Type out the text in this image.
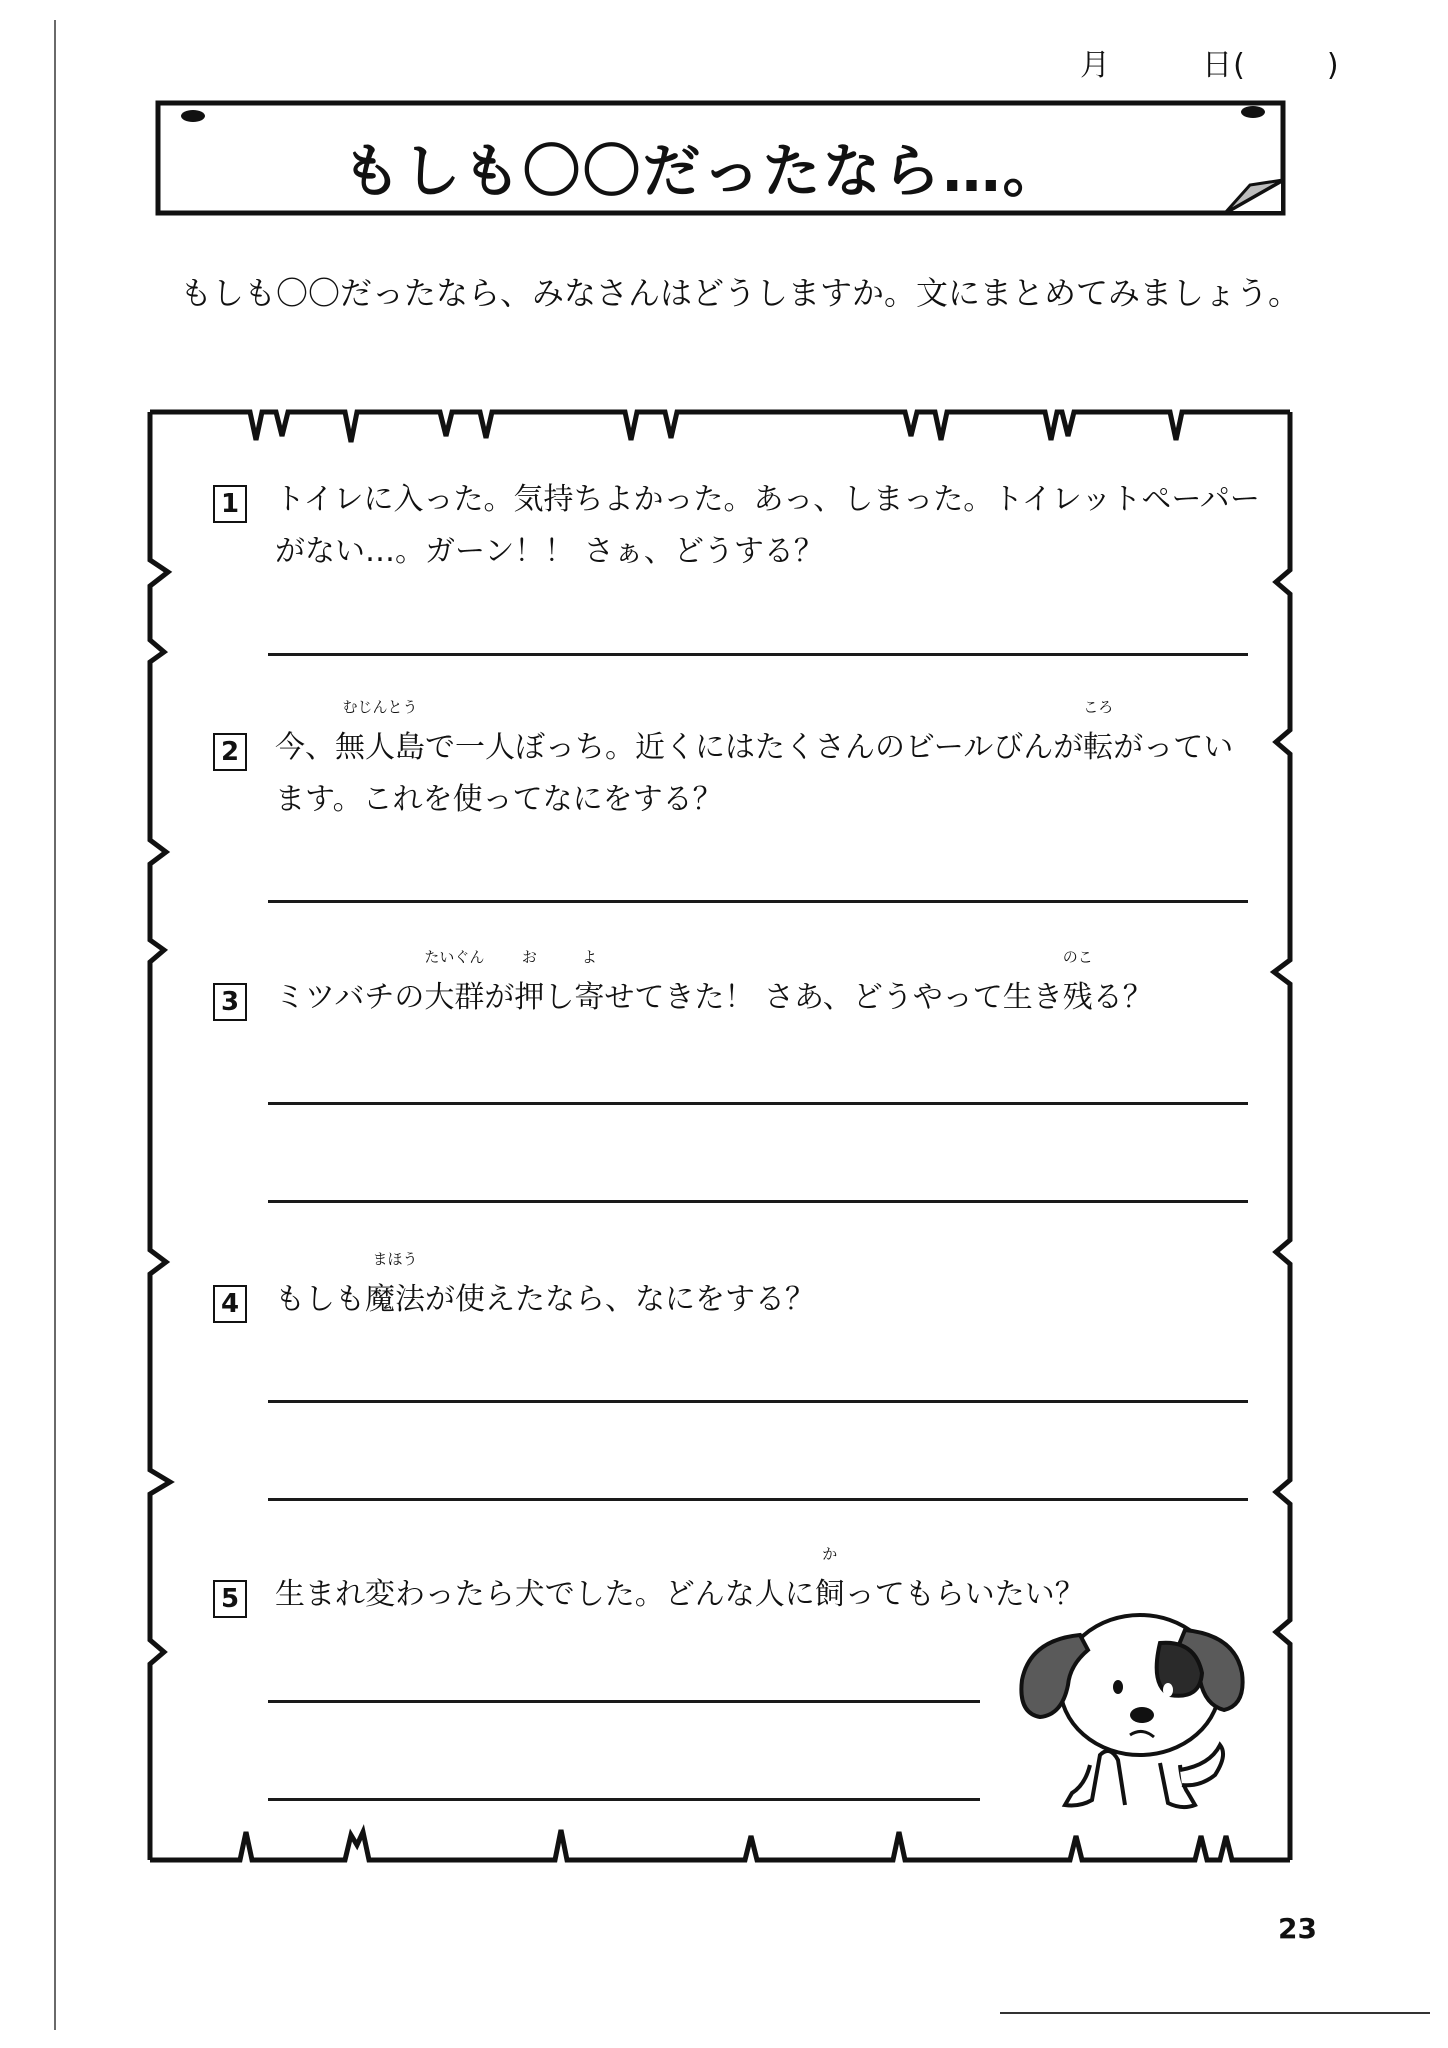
月	日(	)
もしも〇〇だったなら…。
もしも〇〇だったなら、みなさんはどうしますか。文にまとめてみましょう。
1 トイレに入った。気持ちよかった。あっ、しまった。トイレットペーパー
がない…。ガーン！！ さぁ、どうする？
2 今、
むじんとう
無人島で一人ぼっち。近くにはたくさんのビールびんが
ころ
転がってい
ます。これを使ってなにをする？
3 ミツバチの
たいぐん
大群が
お
押し
よ
寄せてきた！ さあ、どうやって生き
のこ
残る？
4 もしも
まほう
魔法が使えたなら、なにをする？
5 生まれ変わったら犬でした。どんな人に
か
飼ってもらいたい？
23
